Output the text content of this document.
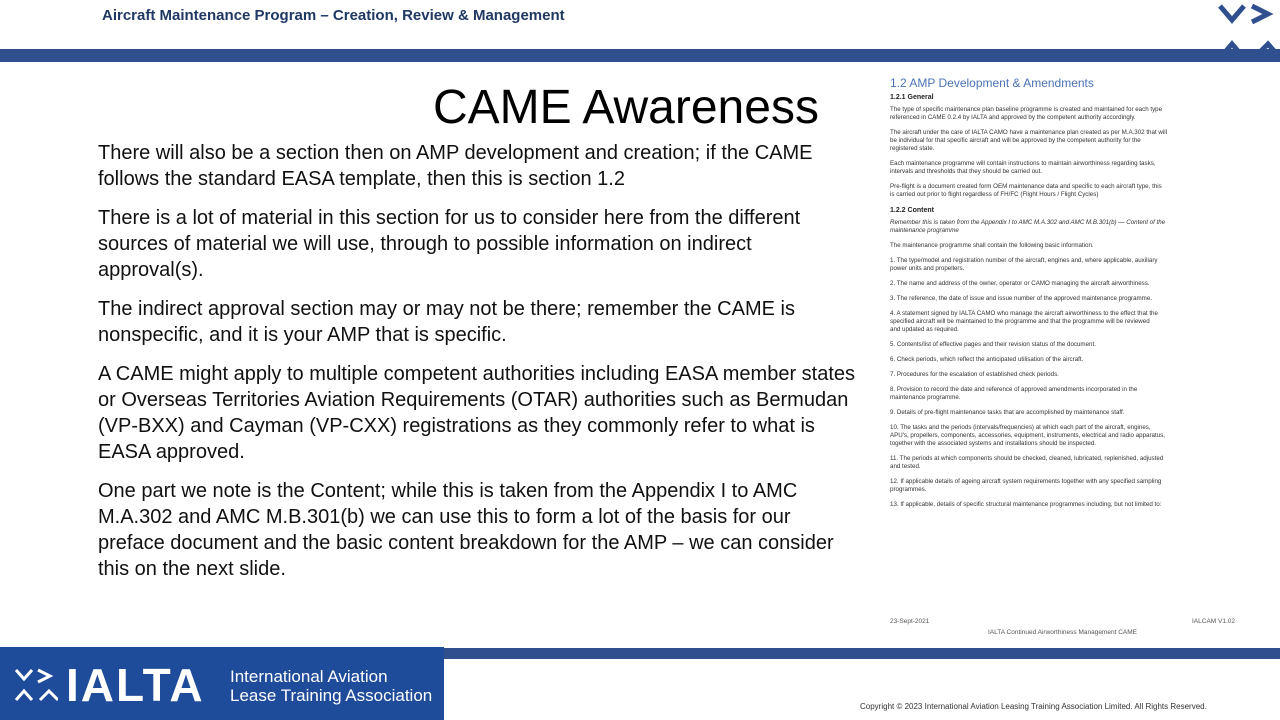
Aircraft Maintenance Program – Creation, Review & Management
CAME Awareness

There will also be a section then on AMP development and creation; if the CAME follows the standard EASA template, then this is section 1.2

There is a lot of material in this section for us to consider here from the different sources of material we will use, through to possible information on indirect approval(s).

The indirect approval section may or may not be there; remember the CAME is nonspecific, and it is your AMP that is specific.

A CAME might apply to multiple competent authorities including EASA member states or Overseas Territories Aviation Requirements (OTAR) authorities such as Bermudan (VP-BXX) and Cayman (VP-CXX) registrations as they commonly refer to what is EASA approved.

One part we note is the Content; while this is taken from the Appendix I to AMC M.A.302 and AMC M.B.301(b) we can use this to form a lot of the basis for our preface document and the basic content breakdown for the AMP – we can consider this on the next slide.

1.2 AMP Development & Amendments
1.2.1 General
The type of specific maintenance plan baseline programme is created and maintained for each type
referenced in CAME 0.2.4 by IALTA and approved by the competent authority accordingly.
The aircraft under the care of IALTA CAMO have a maintenance plan created as per M.A.302 that will
be individual for that specific aircraft and will be approved by the competent authority for the
registered state.
Each maintenance programme will contain instructions to maintain airworthiness regarding tasks,
intervals and thresholds that they should be carried out.
Pre-flight is a document created form OEM maintenance data and specific to each aircraft type, this
is carried out prior to flight regardless of FH/FC (Flight Hours / Flight Cycles)
1.2.2 Content
Remember this is taken from the Appendix I to AMC M.A.302 and AMC M.B.301(b) — Content of the
maintenance programme
The maintenance programme shall contain the following basic information.
1. The type/model and registration number of the aircraft, engines and, where applicable, auxiliary
power units and propellers.
2. The name and address of the owner, operator or CAMO managing the aircraft airworthiness.
3. The reference, the date of issue and issue number of the approved maintenance programme.
4. A statement signed by IALTA CAMO who manage the aircraft airworthiness to the effect that the
specified aircraft will be maintained to the programme and that the programme will be reviewed
and updated as required.
5. Contents/list of effective pages and their revision status of the document.
6. Check periods, which reflect the anticipated utilisation of the aircraft.
7. Procedures for the escalation of established check periods.
8. Provision to record the date and reference of approved amendments incorporated in the
maintenance programme.
9. Details of pre-flight maintenance tasks that are accomplished by maintenance staff.
10. The tasks and the periods (intervals/frequencies) at which each part of the aircraft, engines,
APU's, propellers, components, accessories, equipment, instruments, electrical and radio apparatus,
together with the associated systems and installations should be inspected.
11. The periods at which components should be checked, cleaned, lubricated, replenished, adjusted
and tested.
12. If applicable details of ageing aircraft system requirements together with any specified sampling
programmes.
13. If applicable, details of specific structural maintenance programmes including, but not limited to:
23-Sept-2021	IALCAM V1.02
IALTA Continued Airworthiness Management CAME
IALTA International Aviation
Lease Training Association
Copyright © 2023 International Aviation Leasing Training Association Limited. All Rights Reserved.
